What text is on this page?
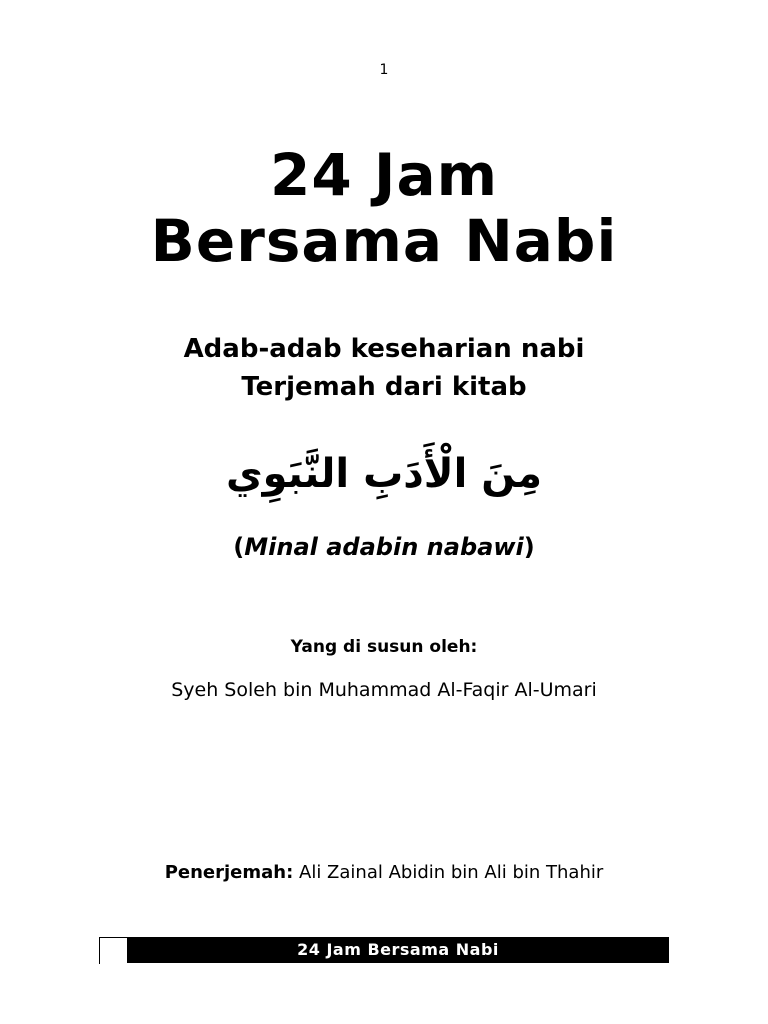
1
24 Jam
Bersama Nabi
Adab-adab keseharian nabi
Terjemah dari kitab
مِنَ الْأَدَبِ النَّبَوِي
(Minal adabin nabawi)
Yang di susun oleh:
Syeh Soleh bin Muhammad Al-Faqir Al-Umari
Penerjemah: Ali Zainal Abidin bin Ali bin Thahir
24 Jam Bersama Nabi
